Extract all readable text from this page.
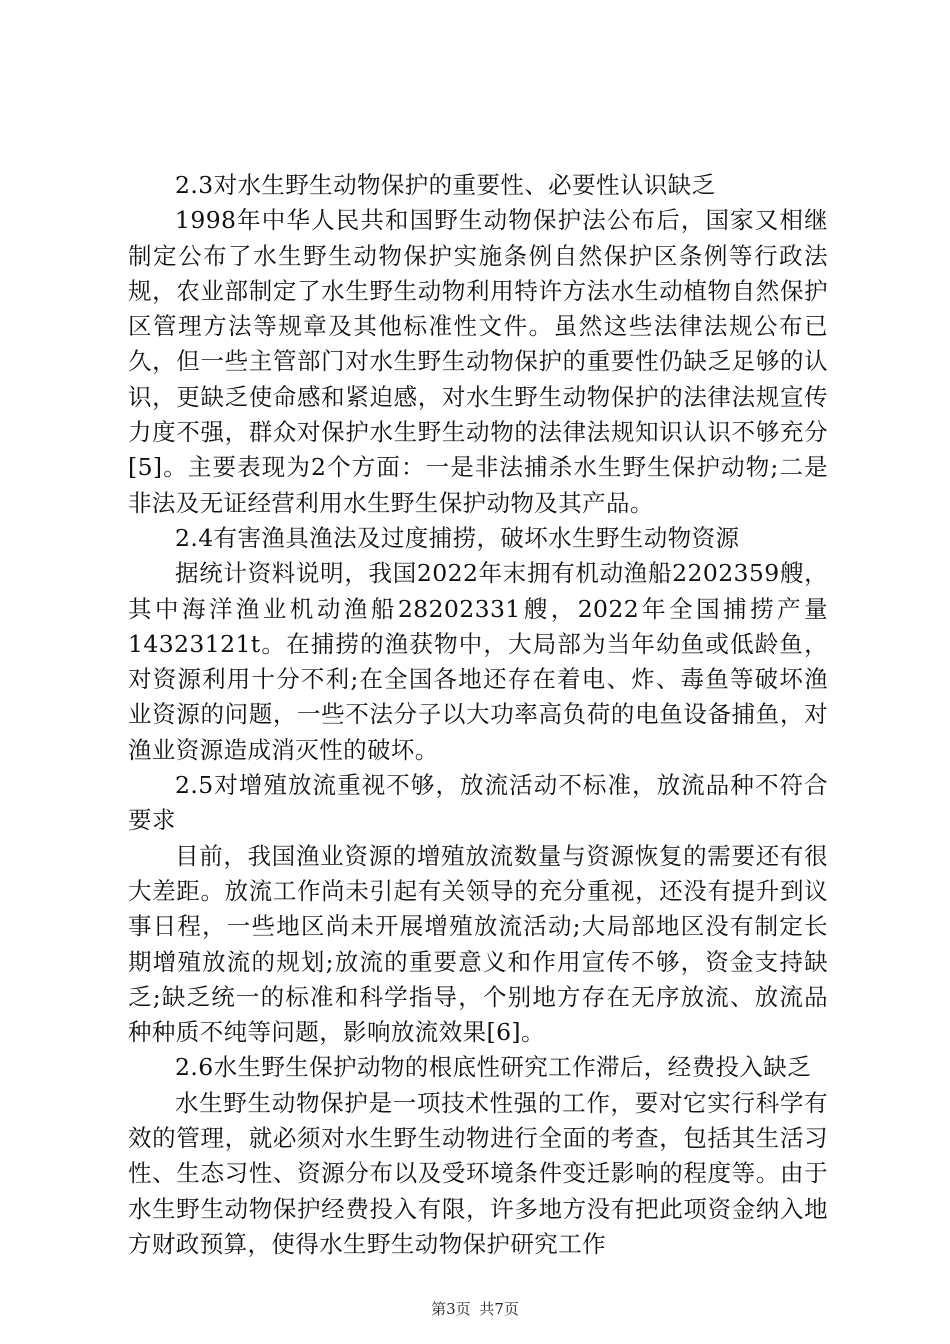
2.3对水生野生动物保护的重要性、必要性认识缺乏

1998年中华人民共和国野生动物保护法公布后，国家又相继制定公布了水生野生动物保护实施条例自然保护区条例等行政法规，农业部制定了水生野生动物利用特许方法水生动植物自然保护区管理方法等规章及其他标准性文件。虽然这些法律法规公布已久，但一些主管部门对水生野生动物保护的重要性仍缺乏足够的认识，更缺乏使命感和紧迫感，对水生野生动物保护的法律法规宣传力度不强，群众对保护水生野生动物的法律法规知识认识不够充分[5]。主要表现为2个方面：一是非法捕杀水生野生保护动物;二是非法及无证经营利用水生野生保护动物及其产品。

2.4有害渔具渔法及过度捕捞，破坏水生野生动物资源

据统计资料说明，我国2022年末拥有机动渔船2202359艘，其中海洋渔业机动渔船28202331艘，2022年全国捕捞产量14323121t。在捕捞的渔获物中，大局部为当年幼鱼或低龄鱼，对资源利用十分不利;在全国各地还存在着电、炸、毒鱼等破坏渔业资源的问题，一些不法分子以大功率高负荷的电鱼设备捕鱼，对渔业资源造成消灭性的破坏。

2.5对增殖放流重视不够，放流活动不标准，放流品种不符合要求

目前，我国渔业资源的增殖放流数量与资源恢复的需要还有很大差距。放流工作尚未引起有关领导的充分重视，还没有提升到议事日程，一些地区尚未开展增殖放流活动;大局部地区没有制定长期增殖放流的规划;放流的重要意义和作用宣传不够，资金支持缺乏;缺乏统一的标准和科学指导，个别地方存在无序放流、放流品种种质不纯等问题，影响放流效果[6]。

2.6水生野生保护动物的根底性研究工作滞后，经费投入缺乏

水生野生动物保护是一项技术性强的工作，要对它实行科学有效的管理，就必须对水生野生动物进行全面的考查，包括其生活习性、生态习性、资源分布以及受环境条件变迁影响的程度等。由于水生野生动物保护经费投入有限，许多地方没有把此项资金纳入地方财政预算，使得水生野生动物保护研究工作

第3页 共7页
